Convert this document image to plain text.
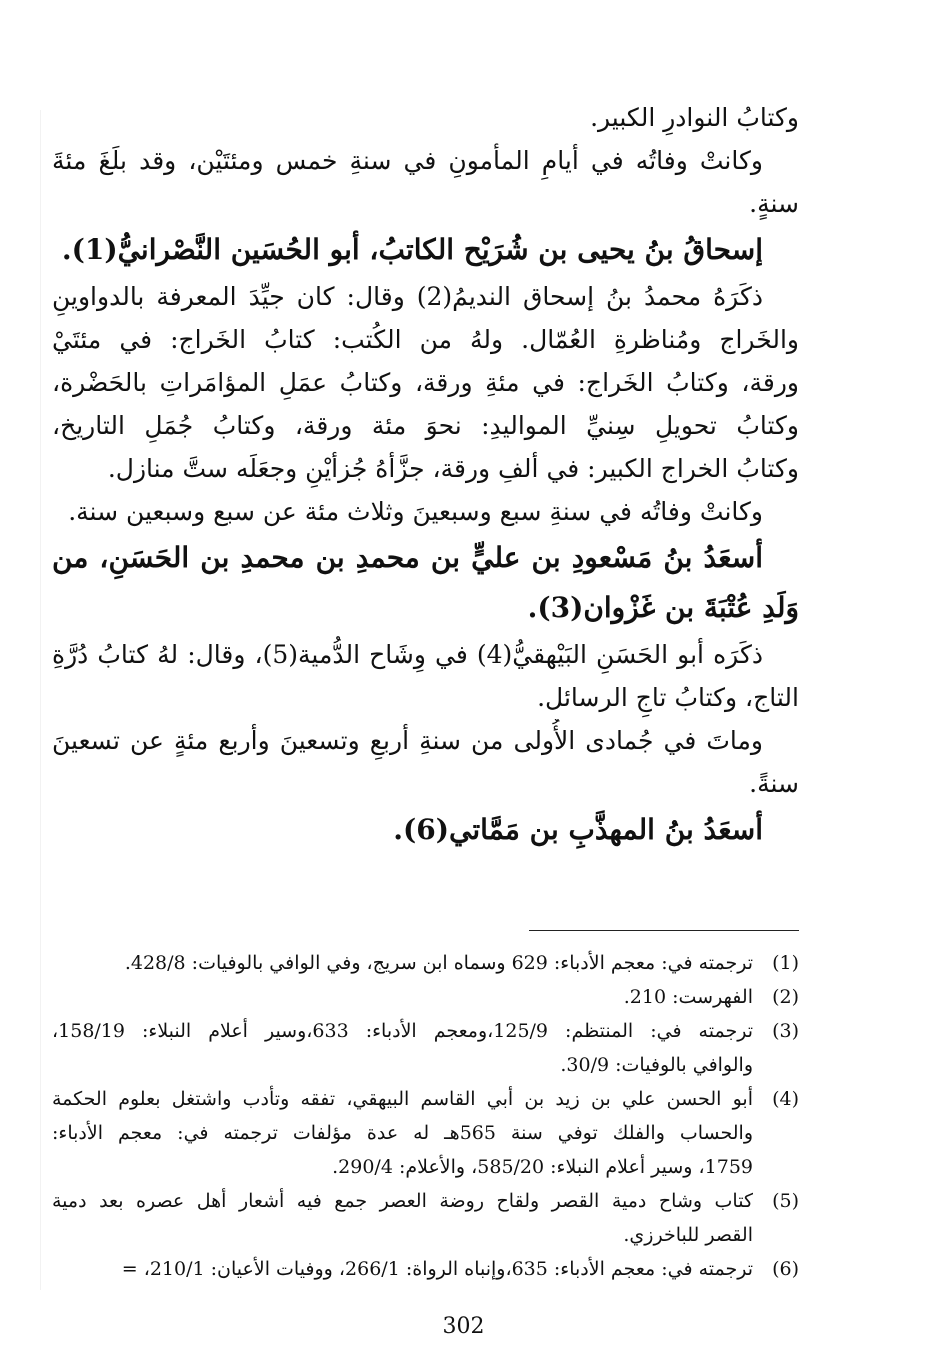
وكتابُ النوادرِ الكبير.
وكانتْ وفاتُه في أيامِ المأمونِ في سنةِ خمس ومئتَيْن، وقد بلَغَ مئةَ
سنةٍ.
إسحاقُ بنُ يحيى بن شُرَيْح الكاتبُ، أبو الحُسَين النَّصْرانيُّ(1).
ذكَرَهُ محمدُ بنُ إسحاق النديمُ(2) وقال: كان جيِّدَ المعرفة بالدواوينِ
والخَراج ومُناظرةِ العُمّال. ولهُ من الكُتب: كتابُ الخَراج: في مئتَيْ
ورقة، وكتابُ الخَراج: في مئةِ ورقة، وكتابُ عمَلِ المؤامَراتِ بالحَضْرة،
وكتابُ تحويلِ سِنيِّ المواليدِ: نحوَ مئة ورقة، وكتابُ جُمَلِ التاريخ،
وكتابُ الخراج الكبير: في ألفِ ورقة، جزَّأهُ جُزأيْنِ وجعَلَه ستَّ منازل.
وكانتْ وفاتُه في سنةِ سبع وسبعينَ وثلاث مئة عن سبع وسبعين سنة.
أسعَدُ بنُ مَسْعودِ بن عليٍّ بن محمدِ بن محمدِ بن الحَسَنِ، من
وَلَدِ عُتْبَةَ بن غَزْوان(3).
ذكَرَه أبو الحَسَنِ البَيْهقيُّ(4) في وِشَاح الدُّمية(5)، وقال: لهُ كتابُ دُرَّةِ
التاج، وكتابُ تاجِ الرسائل.
وماتَ في جُمادى الأُولى من سنةِ أربعِ وتسعينَ وأربع مئةٍ عن تسعينَ
سنةً.
أسعَدُ بنُ المهذَّبِ بن مَمَّاتي(6).
(1)
ترجمته في: معجم الأدباء: 629 وسماه ابن سريج، وفي الوافي بالوفيات: 428/8.
(2)
الفهرست: 210.
(3)
ترجمته في: المنتظم: 125/9،ومعجم الأدباء: 633،وسير أعلام النبلاء: 158/19،
والوافي بالوفيات: 30/9.
(4)
أبو الحسن علي بن زيد بن أبي القاسم البيهقي، تفقه وتأدب واشتغل بعلوم الحكمة
والحساب والفلك توفي سنة 565هـ له عدة مؤلفات ترجمته في: معجم الأدباء:
1759، وسير أعلام النبلاء: 585/20، والأعلام: 290/4.
(5)
كتاب وشاح دمية القصر ولقاح روضة العصر جمع فيه أشعار أهل عصره بعد دمية
القصر للباخرزي.
(6)
ترجمته في: معجم الأدباء: 635،وإنباه الرواة: 266/1، ووفيات الأعيان: 210/1، =
302
